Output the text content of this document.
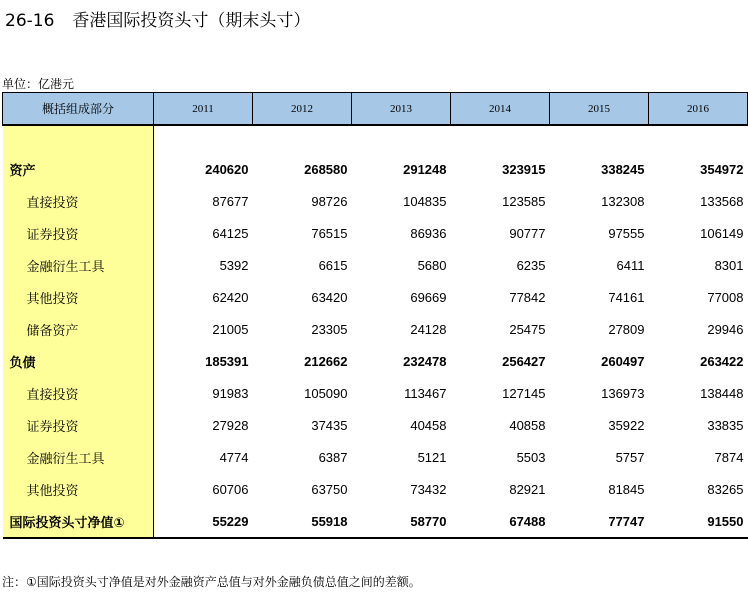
26-16 香港国际投资头寸（期末头寸）
单位：亿港元
概括组成部分	2011	2012	2013	2014	2015	2016

资产	240620	268580	291248	323915	338245	354972
直接投资	87677	98726	104835	123585	132308	133568
证券投资	64125	76515	86936	90777	97555	106149
金融衍生工具	5392	6615	5680	6235	6411	8301
其他投资	62420	63420	69669	77842	74161	77008
储备资产	21005	23305	24128	25475	27809	29946
负债	185391	212662	232478	256427	260497	263422
直接投资	91983	105090	113467	127145	136973	138448
证券投资	27928	37435	40458	40858	35922	33835
金融衍生工具	4774	6387	5121	5503	5757	7874
其他投资	60706	63750	73432	82921	81845	83265
国际投资头寸净值①	55229	55918	58770	67488	77747	91550
注：①国际投资头寸净值是对外金融资产总值与对外金融负债总值之间的差额。
